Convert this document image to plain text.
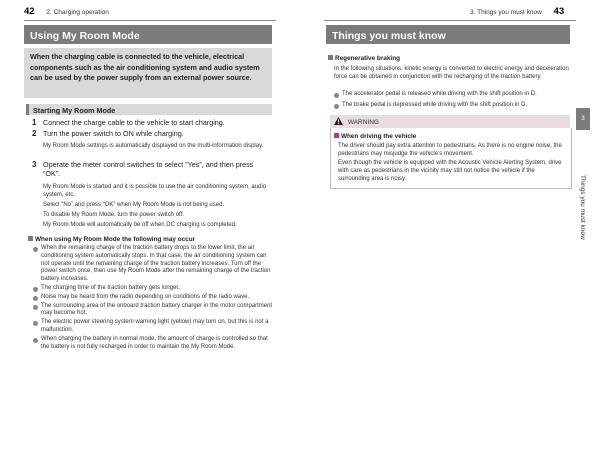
42 2. Charging operation
Using My Room Mode
When the charging cable is connected to the vehicle, electrical components such as the air conditioning system and audio system can be used by the power supply from an external power source.
Starting My Room Mode
1 Connect the charge cable to the vehicle to start charging.
2 Turn the power switch to ON while charging.
My Room Mode settings is automatically displayed on the multi-information display.
3 Operate the meter control switches to select “Yes”, and then press “OK”.
My Room Mode is started and it is possible to use the air conditioning system, audio system, etc.
Select “No” and press “OK” when My Room Mode is not being used.
To disable My Room Mode, turn the power switch off.
My Room Mode will automatically be off when DC charging is completed.
When using My Room Mode the following may occur
When the remaining charge of the traction battery drops to the lower limit, the air conditioning system automatically stops. In that case, the air conditioning system can not operate until the remaining charge of the traction battery increases. Turn off the power switch once, then use My Room Mode after the remaining charge of the traction battery increases.
The charging time of the traction battery gets longer.
Noise may be heard from the radio depending on conditions of the radio wave.
The surrounding area of the onboard traction battery charger in the motor compartment may become hot.
The electric power steering system warning light (yellow) may turn on, but this is not a malfunction.
When charging the battery in normal mode, the amount of charge is controlled so that the battery is not fully recharged in order to maintain the My Room Mode.
3. Things you must know 43
Things you must know
Regenerative braking
In the following situations, kinetic energy is converted to electric energy and deceleration force can be obtained in conjunction with the recharging of the traction battery.
The accelerator pedal is released while driving with the shift position in D.
The brake pedal is depressed while driving with the shift position in D.
WARNING
When driving the vehicle
The driver should pay extra attention to pedestrians. As there is no engine noise, the pedestrians may misjudge the vehicle’s movement.
Even though the vehicle is equipped with the Acoustic Vehicle Alerting System, drive with care as pedestrians in the vicinity may still not notice the vehicle if the surrounding area is noisy.
3
Things you must know
